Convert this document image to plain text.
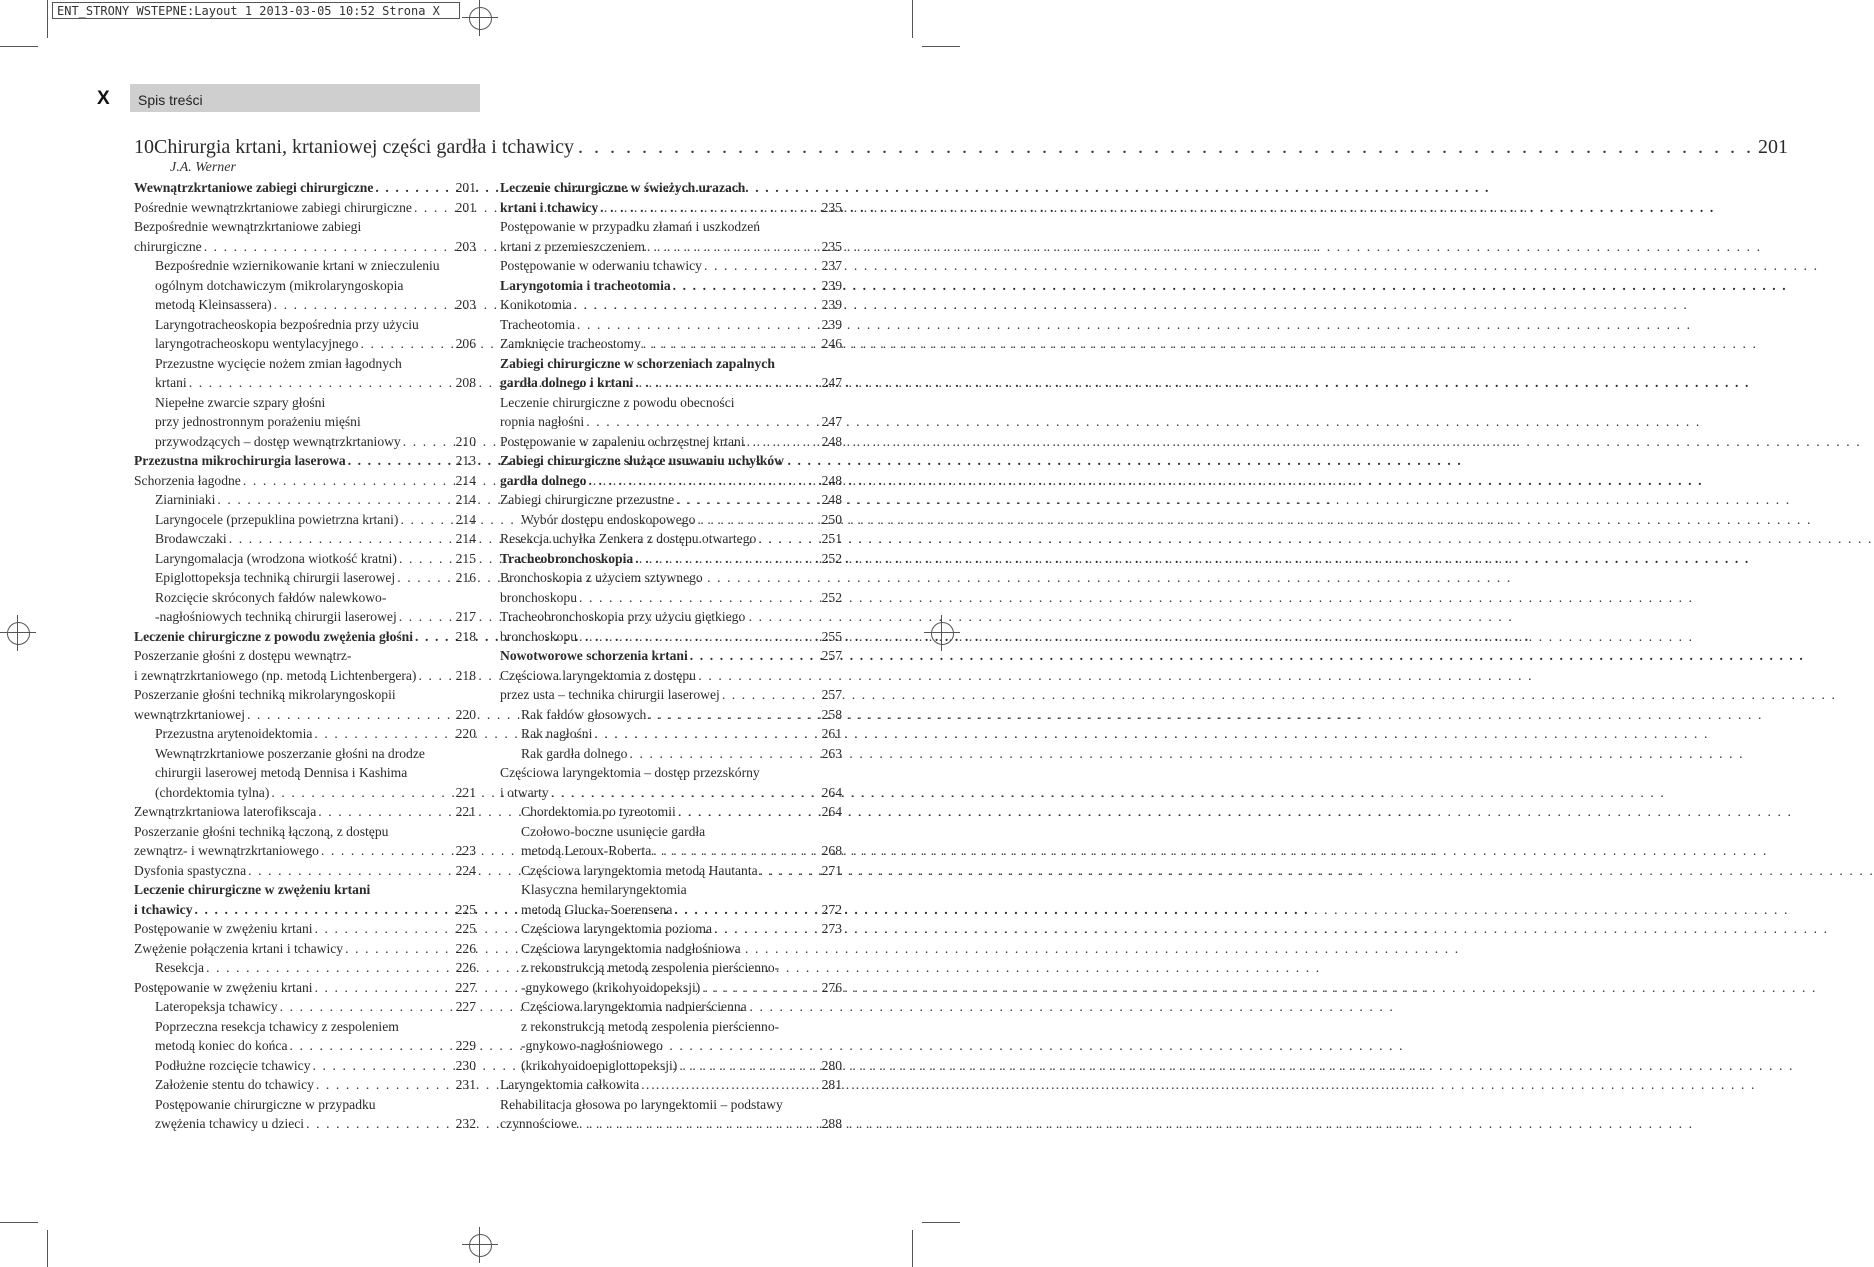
ENT_STRONY WSTEPNE:Layout 1 2013-03-05 10:52 Strona X
X Spis treści
10 Chirurgia krtani, krtaniowej części gardła i tchawicy . . .	201
J.A. Werner
Wewnątrzkrtaniowe zabiegi chirurgiczne . . .	201
Pośrednie wewnątrzkrtaniowe zabiegi chirurgiczne . . .	201
Bezpośrednie wewnątrzkrtaniowe zabiegi
chirurgiczne . . .	203
Bezpośrednie wziernikowanie krtani w znieczuleniu
ogólnym dotchawiczym (mikrolaryngoskopia
metodą Kleinsassera) . . .	203
Laryngotracheoskopia bezpośrednia przy użyciu
laryngotracheoskopu wentylacyjnego . . .	206
Przezustne wycięcie nożem zmian łagodnych
krtani . . .	208
Niepełne zwarcie szpary głośni
przy jednostronnym porażeniu mięśni
przywodzących – dostęp wewnątrzkrtaniowy . . .	210
Przezustna mikrochirurgia laserowa . . .	213
Schorzenia łagodne . . .	214
Ziarniniaki . . .	214
Laryngocele (przepuklina powietrzna krtani) . . .	214
Brodawczaki . . .	214
Laryngomalacja (wrodzona wiotkość kratni) . . .	215
Epiglottopeksja techniką chirurgii laserowej . . .	216
Rozcięcie skróconych fałdów nalewkowo-
-nagłośniowych techniką chirurgii laserowej . . .	217
Leczenie chirurgiczne z powodu zwężenia głośni . . .	218
Poszerzanie głośni z dostępu wewnątrz-
i zewnątrzkrtaniowego (np. metodą Lichtenbergera) . . .	218
Poszerzanie głośni techniką mikrolaryngoskopii
wewnątrzkrtaniowej . . .	220
Przezustna arytenoidektomia . . .	220
Wewnątrzkrtaniowe poszerzanie głośni na drodze
chirurgii laserowej metodą Dennisa i Kashima
(chordektomia tylna) . . .	221
Zewnątrzkrtaniowa laterofikscaja . . .	221
Poszerzanie głośni techniką łączoną, z dostępu
zewnątrz- i wewnątrzkrtaniowego . . .	223
Dysfonia spastyczna . . .	224
Leczenie chirurgiczne w zwężeniu krtani
i tchawicy . . .	225
Postępowanie w zwężeniu krtani . . .	225
Zwężenie połączenia krtani i tchawicy . . .	226
Resekcja . . .	226
Postępowanie w zwężeniu krtani . . .	227
Lateropeksja tchawicy . . .	227
Poprzeczna resekcja tchawicy z zespoleniem
metodą koniec do końca . . .	229
Podłużne rozcięcie tchawicy . . .	230
Założenie stentu do tchawicy . . .	231
Postępowanie chirurgiczne w przypadku
zwężenia tchawicy u dzieci . . .	232
Leczenie chirurgiczne w świeżych urazach
krtani i tchawicy . . .	235
Postępowanie w przypadku złamań i uszkodzeń
krtani z przemieszczeniem . . .	235
Postępowanie w oderwaniu tchawicy . . .	237
Laryngotomia i tracheotomia . . .	239
Konikotomia . . .	239
Tracheotomia . . .	239
Zamknięcie tracheostomy . . .	246
Zabiegi chirurgiczne w schorzeniach zapalnych
gardła dolnego i krtani . . .	247
Leczenie chirurgiczne z powodu obecności
ropnia nagłośni . . .	247
Postępowanie w zapaleniu ochrzęstnej krtani . . .	248
Zabiegi chirurgiczne służące usuwaniu uchyłków
gardła dolnego . . .	248
Zabiegi chirurgiczne przezustne . . .	248
Wybór dostępu endoskopowego . . .	250
Resekcja uchyłka Zenkera z dostępu otwartego . . .	251
Tracheobronchoskopia . . .	252
Bronchoskopia z użyciem sztywnego
bronchoskopu . . .	252
Tracheobronchoskopia przy użyciu giętkiego
bronchoskopu . . .	255
Nowotworowe schorzenia krtani . . .	257
Częściowa laryngektomia z dostępu
przez usta – technika chirurgii laserowej . . .	257
Rak fałdów głosowych . . .	258
Rak nagłośni . . .	261
Rak gardła dolnego . . .	263
Częściowa laryngektomia – dostęp przezskórny
i otwarty . . .	264
Chordektomia po tyreotomii . . .	264
Czołowo-boczne usunięcie gardła
metodą Leroux-Roberta . . .	268
Częściowa laryngektomia metodą Hautanta . . .	271
Klasyczna hemilaryngektomia
metodą Glucka–Soerensena . . .	272
Częściowa laryngektomia pozioma . . .	273
Częściowa laryngektomia nadgłośniowa
z rekonstrukcją metodą zespolenia pierścienno-
-gnykowego (krikohyoidopeksji) . . .	276
Częściowa laryngektomia nadpierścienna
z rekonstrukcją metodą zespolenia pierścienno-
-gnykowo-nagłośniowego
(krikohyoidoepiglottopeksji) . . .	280
Laryngektomia całkowita . . .	281
Rehabilitacja głosowa po laryngektomii – podstawy
czynnościowe . . .	288
